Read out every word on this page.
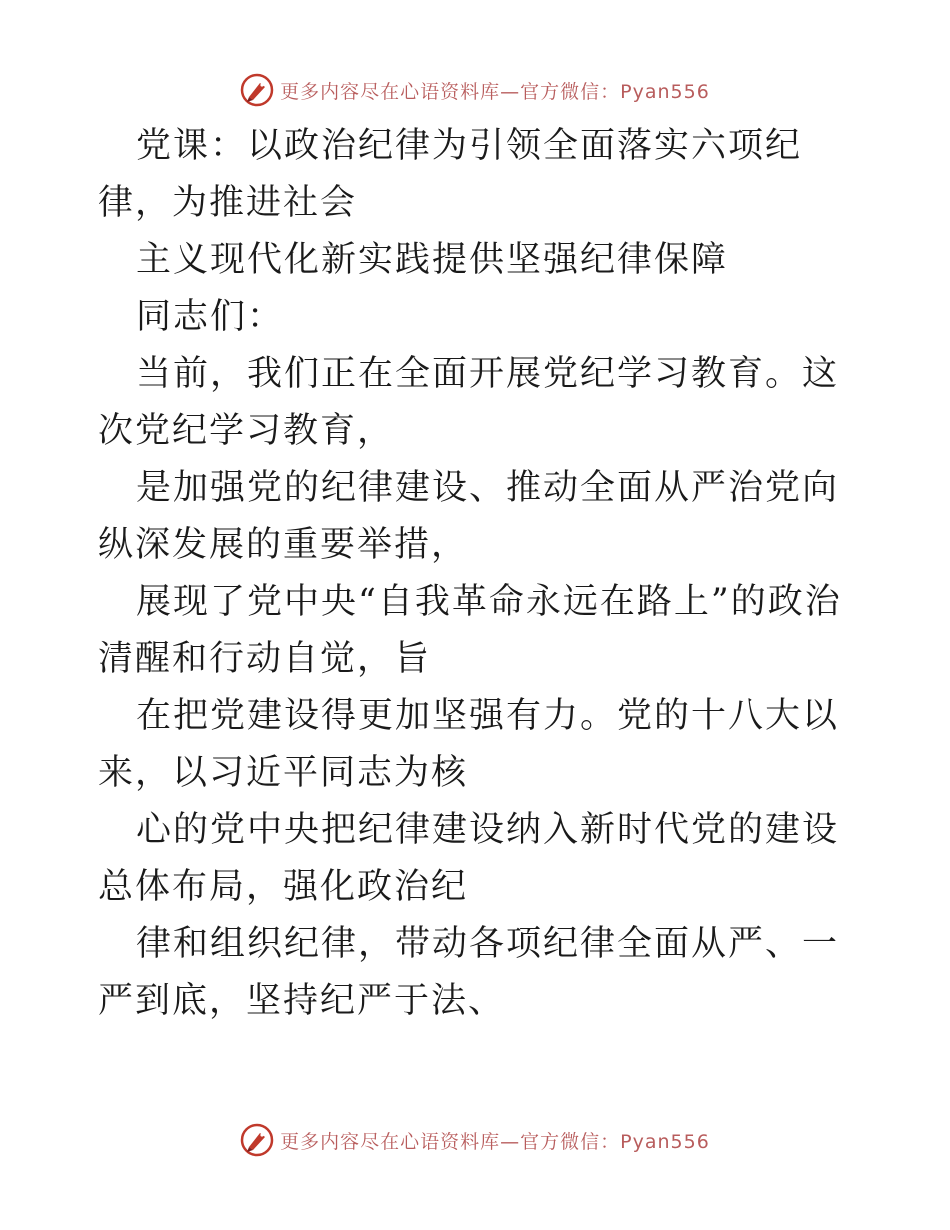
更多内容尽在心语资料库—官方微信：Pyan556

党课：以政治纪律为引领全面落实六项纪律，为推进社会

主义现代化新实践提供坚强纪律保障

同志们：

当前，我们正在全面开展党纪学习教育。这次党纪学习教育，

是加强党的纪律建设、推动全面从严治党向纵深发展的重要举措，

展现了党中央“自我革命永远在路上”的政治清醒和行动自觉，旨

在把党建设得更加坚强有力。党的十八大以来，以习近平同志为核

心的党中央把纪律建设纳入新时代党的建设总体布局，强化政治纪

律和组织纪律，带动各项纪律全面从严、一严到底，坚持纪严于法、

更多内容尽在心语资料库—官方微信：Pyan556
